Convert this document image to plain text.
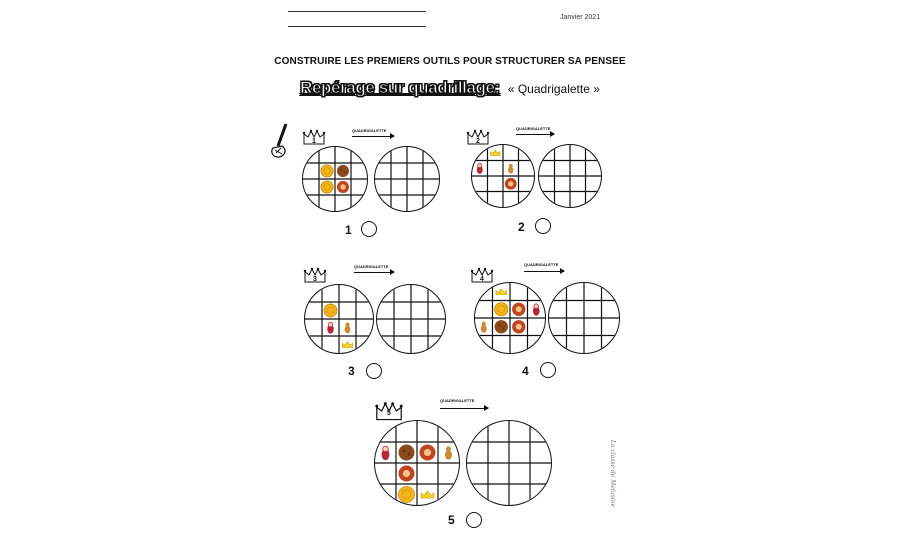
Janvier 2021
CONSTRUIRE LES PREMIERS OUTILS POUR STRUCTURER SA PENSEE
Repérage sur quadrillage: « Quadrigalette »
1
QUADRIGALETTE
1
2
QUADRIGALETTE
2
3
QUADRIGALETTE
3
4
QUADRIGALETTE
4
5
QUADRIGALETTE
5
La classe de Mélusine
